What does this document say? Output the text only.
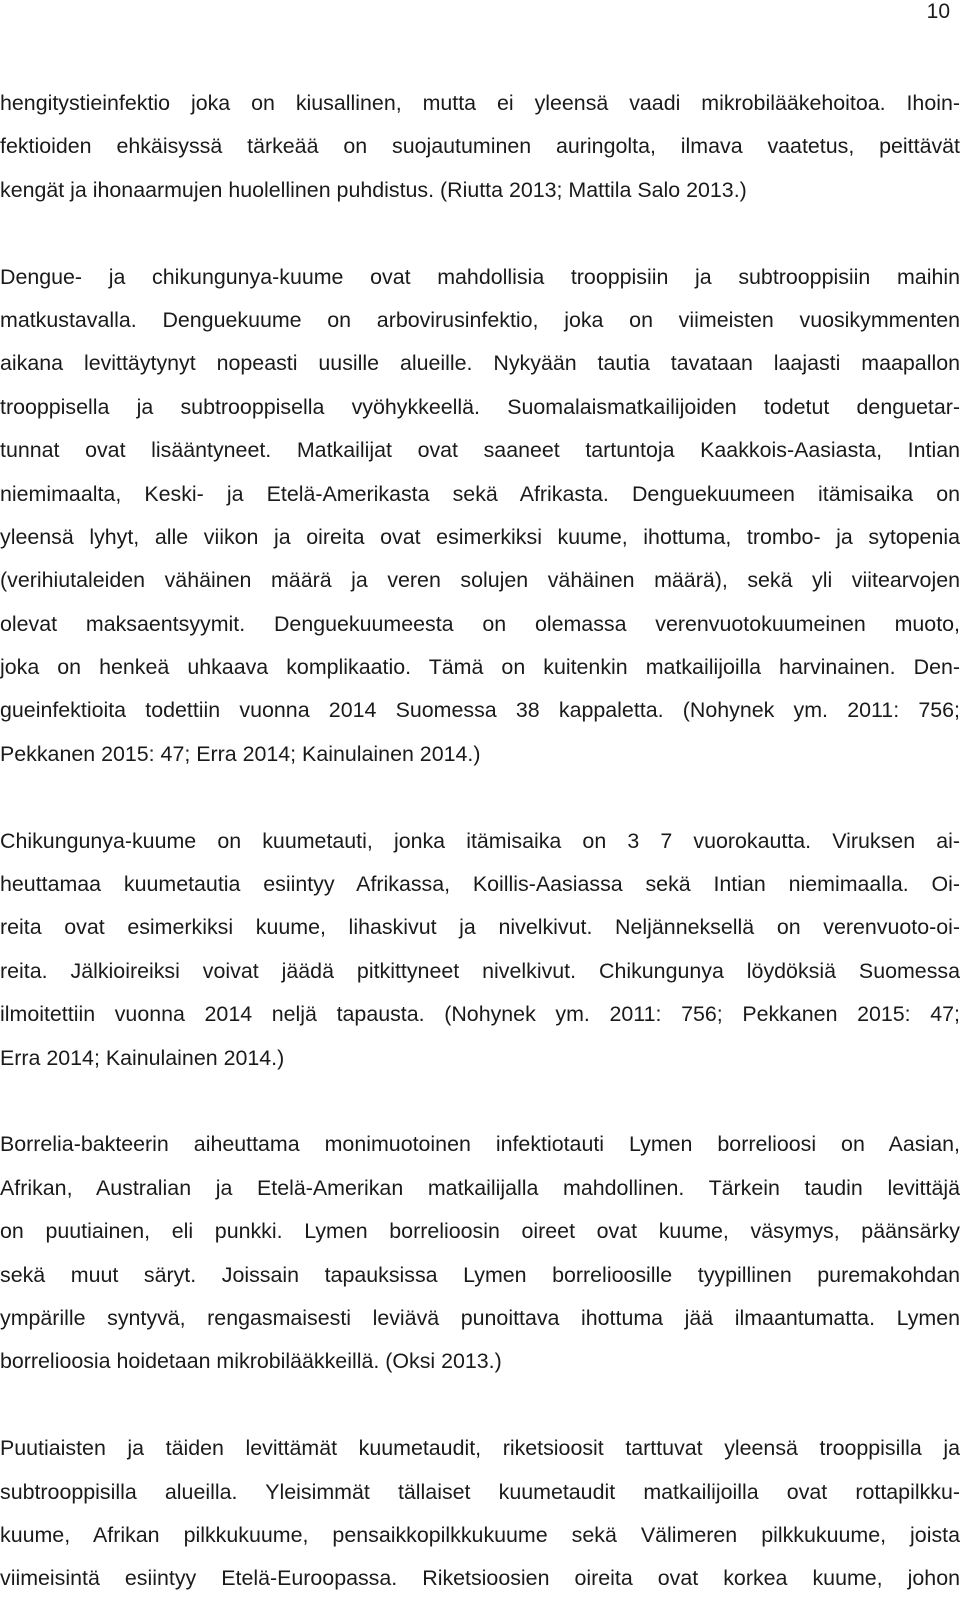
10
hengitystieinfektio joka on kiusallinen, mutta ei yleensä vaadi mikrobilääkehoitoa. Ihoin-
fektioiden ehkäisyssä tärkeää on suojautuminen auringolta, ilmava vaatetus, peittävät
kengät ja ihonaarmujen huolellinen puhdistus. (Riutta 2013; Mattila Salo 2013.)
Dengue- ja chikungunya-kuume ovat mahdollisia trooppisiin ja subtrooppisiin maihin
matkustavalla. Denguekuume on arbovirusinfektio, joka on viimeisten vuosikymmenten
aikana levittäytynyt nopeasti uusille alueille. Nykyään tautia tavataan laajasti maapallon
trooppisella ja subtrooppisella vyöhykkeellä. Suomalaismatkailijoiden todetut denguetar-
tunnat ovat lisääntyneet. Matkailijat ovat saaneet tartuntoja Kaakkois-Aasiasta, Intian
niemimaalta, Keski- ja Etelä-Amerikasta sekä Afrikasta. Denguekuumeen itämisaika on
yleensä lyhyt, alle viikon ja oireita ovat esimerkiksi kuume, ihottuma, trombo- ja sytopenia
(verihiutaleiden vähäinen määrä ja veren solujen vähäinen määrä), sekä yli viitearvojen
olevat maksaentsyymit. Denguekuumeesta on olemassa verenvuotokuumeinen muoto,
joka on henkeä uhkaava komplikaatio. Tämä on kuitenkin matkailijoilla harvinainen. Den-
gueinfektioita todettiin vuonna 2014 Suomessa 38 kappaletta. (Nohynek ym. 2011: 756;
Pekkanen 2015: 47; Erra 2014; Kainulainen 2014.)
Chikungunya-kuume on kuumetauti, jonka itämisaika on 3 7 vuorokautta. Viruksen ai-
heuttamaa kuumetautia esiintyy Afrikassa, Koillis-Aasiassa sekä Intian niemimaalla. Oi-
reita ovat esimerkiksi kuume, lihaskivut ja nivelkivut. Neljänneksellä on verenvuoto-oi-
reita. Jälkioireiksi voivat jäädä pitkittyneet nivelkivut. Chikungunya löydöksiä Suomessa
ilmoitettiin vuonna 2014 neljä tapausta. (Nohynek ym. 2011: 756; Pekkanen 2015: 47;
Erra 2014; Kainulainen 2014.)
Borrelia-bakteerin aiheuttama monimuotoinen infektiotauti Lymen borrelioosi on Aasian,
Afrikan, Australian ja Etelä-Amerikan matkailijalla mahdollinen. Tärkein taudin levittäjä
on puutiainen, eli punkki. Lymen borrelioosin oireet ovat kuume, väsymys, päänsärky
sekä muut säryt. Joissain tapauksissa Lymen borrelioosille tyypillinen puremakohdan
ympärille syntyvä, rengasmaisesti leviävä punoittava ihottuma jää ilmaantumatta. Lymen
borrelioosia hoidetaan mikrobilääkkeillä. (Oksi 2013.)
Puutiaisten ja täiden levittämät kuumetaudit, riketsioosit tarttuvat yleensä trooppisilla ja
subtrooppisilla alueilla. Yleisimmät tällaiset kuumetaudit matkailijoilla ovat rottapilkku-
kuume, Afrikan pilkkukuume, pensaikkopilkkukuume sekä Välimeren pilkkukuume, joista
viimeisintä esiintyy Etelä-Euroopassa. Riketsioosien oireita ovat korkea kuume, johon
